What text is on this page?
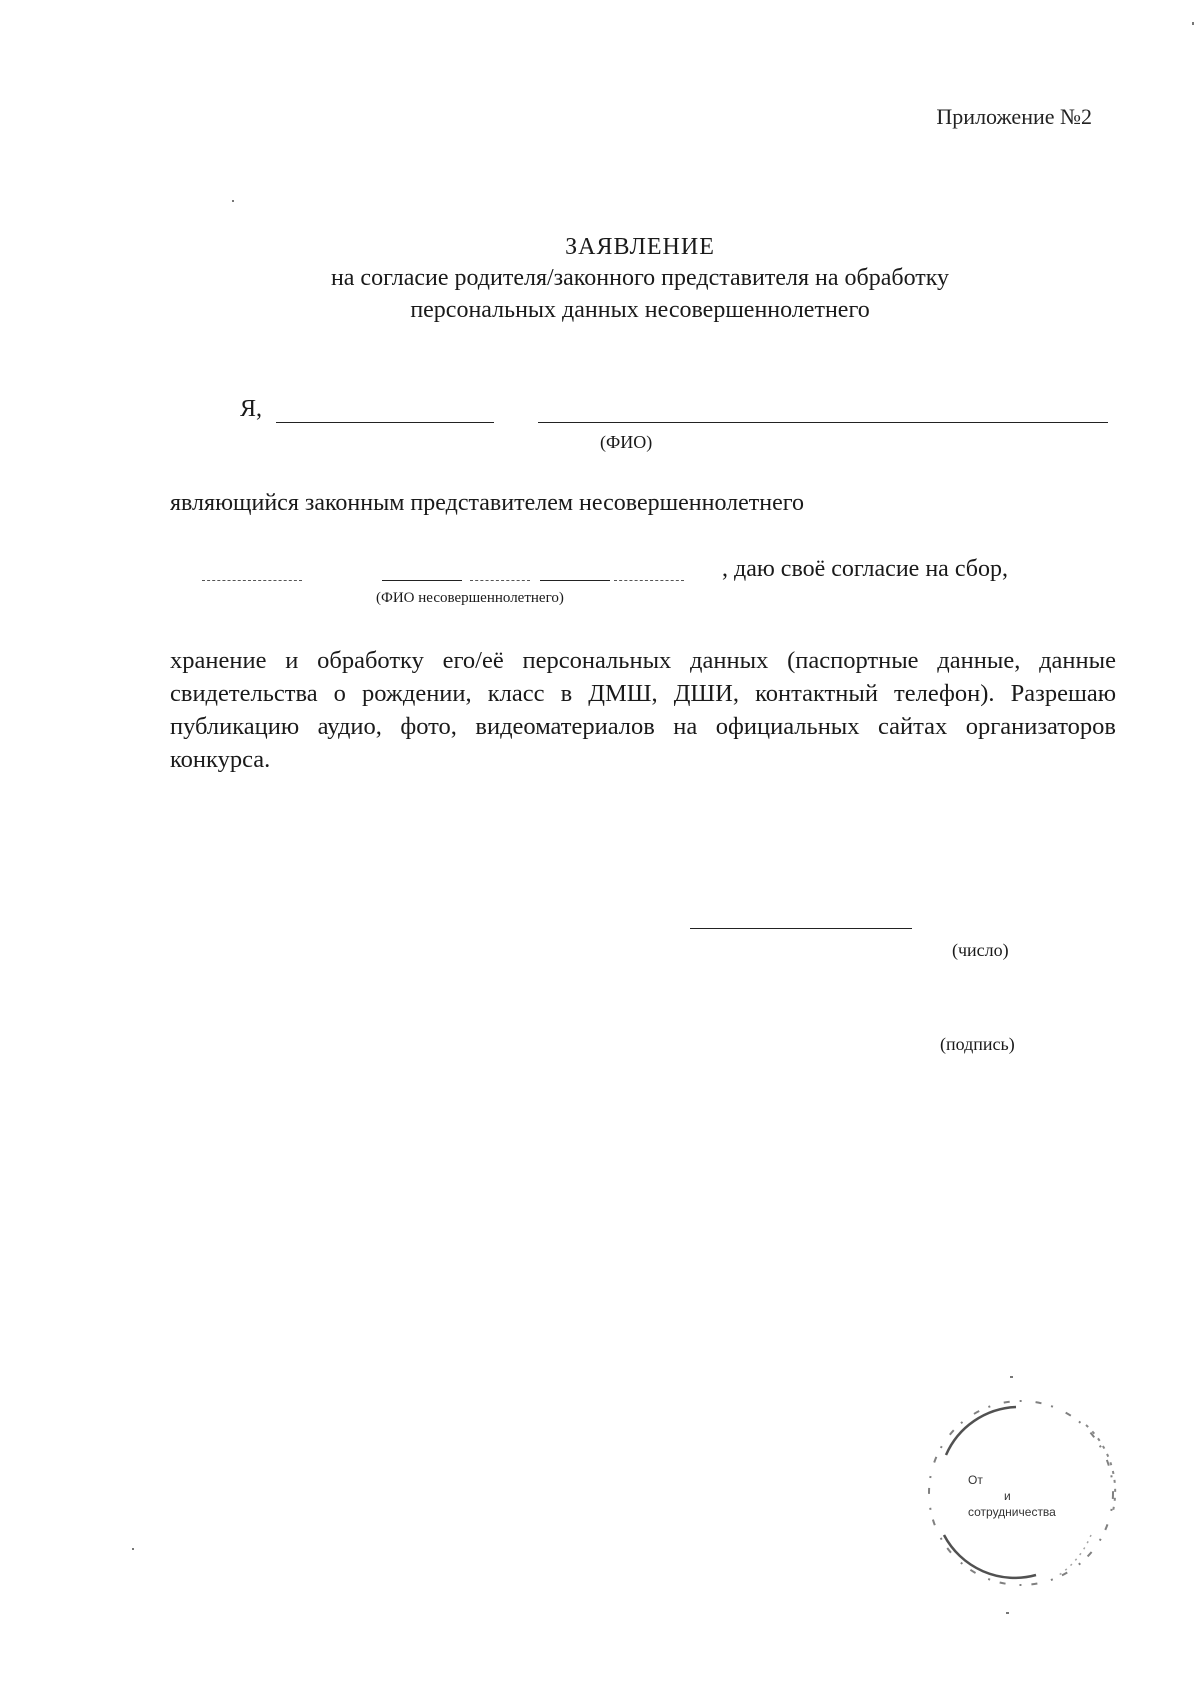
Приложение №2
ЗАЯВЛЕНИЕ
на согласие родителя/законного представителя на обработку
персональных данных несовершеннолетнего
Я,
(ФИО)
являющийся законным представителем несовершеннолетнего
, даю своё согласие на сбор,
(ФИО несовершеннолетнего)
хранение и обработку его/её персональных данных (паспортные данные, данные свидетельства о рождении, класс в ДМШ, ДШИ, контактный телефон). Разрешаю публикацию аудио, фото, видеоматериалов на официальных сайтах организаторов конкурса.
(число)
(подпись)
От
и
сотрудничества
